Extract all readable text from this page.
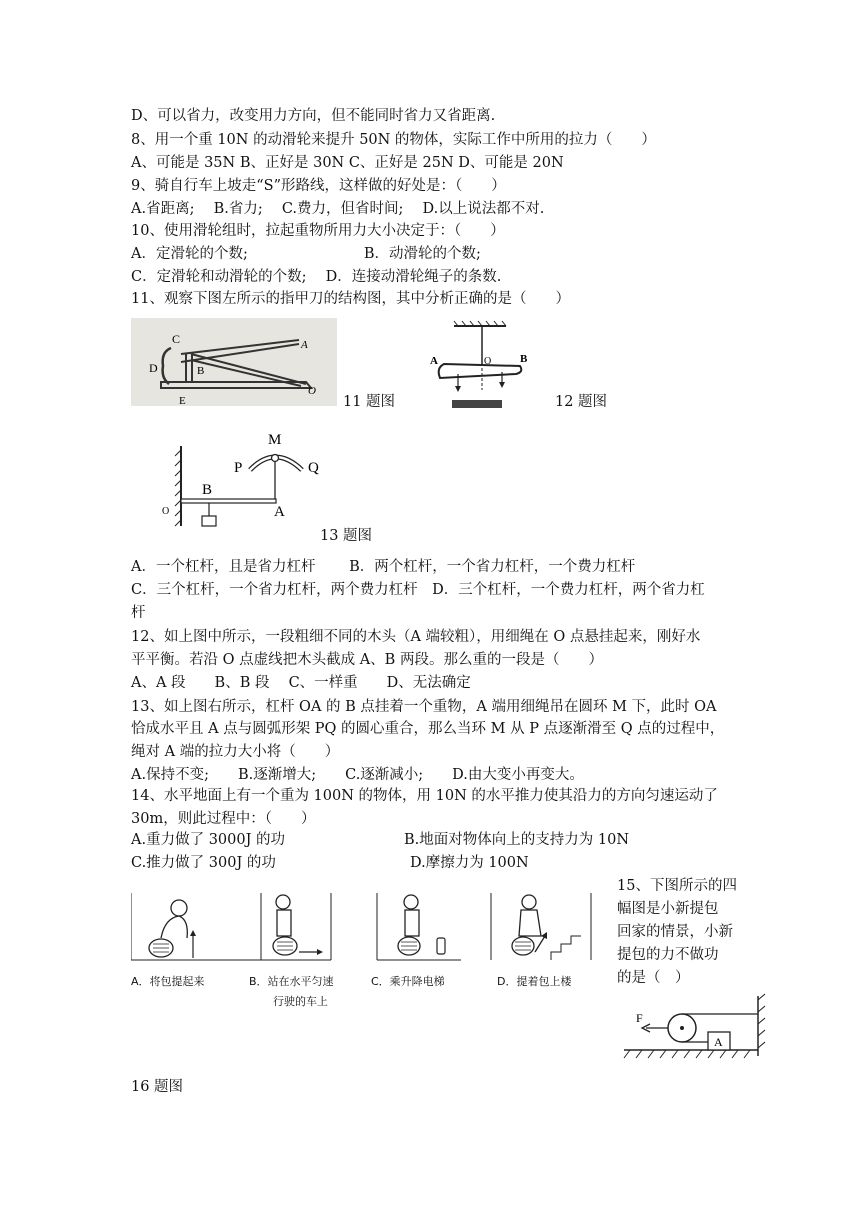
D、可以省力，改变用力方向，但不能同时省力又省距离.
8、用一个重 10N 的动滑轮来提升 50N 的物体，实际工作中所用的拉力（　　）
A、可能是 35N B、正好是 30N C、正好是 25N D、可能是 20N
9、骑自行车上坡走“S”形路线，这样做的好处是：（　　）
A.省距离;　 B.省力;　 C.费力，但省时间;　 D.以上说法都不对.
10、使用滑轮组时，拉起重物所用力大小决定于：（　　）
A．定滑轮的个数;　　　　　　　　B．动滑轮的个数;
C．定滑轮和动滑轮的个数;　 D．连接动滑轮绳子的条数.
11、观察下图左所示的指甲刀的结构图，其中分析正确的是（　　）
C
D	B
A
E
O
11 题图
A	O	B
12 题图
M
P	Q
B
O	A
13 题图
A．一个杠杆，且是省力杠杆　　 B．两个杠杆，一个省力杠杆，一个费力杠杆
C．三个杠杆，一个省力杠杆，两个费力杠杆　D．三个杠杆，一个费力杠杆，两个省力杠
杆
12、如上图中所示，一段粗细不同的木头（A 端较粗），用细绳在 O 点悬挂起来，刚好水
平平衡。若沿 O 点虚线把木头截成 A、B 两段。那么重的一段是（　　）
A、A 段　　B、B 段　 C、一样重　　D、无法确定
13、如上图右所示，杠杆 OA 的 B 点挂着一个重物，A 端用细绳吊在圆环 M 下，此时 OA
恰成水平且 A 点与圆弧形架 PQ 的圆心重合，那么当环 M 从 P 点逐渐滑至 Q 点的过程中，
绳对 A 端的拉力大小将（　　）
A.保持不变;　　B.逐渐增大;　　C.逐渐减小;　　D.由大变小再变大。
14、水平地面上有一个重为 100N 的物体，用 10N 的水平推力使其沿力的方向匀速运动了
30m，则此过程中：（　　）
A.重力做了 3000J 的功	B.地面对物体向上的支持力为 10N
C.推力做了 300J 的功	D.摩擦力为 100N
15、下图所示的四
幅图是小新提包
回家的情景，小新
提包的力不做功
的是（　）
A．将包提起来	B．站在水平匀速
行驶的车上
C．乘升降电梯	D．提着包上楼
F
A
16 题图
